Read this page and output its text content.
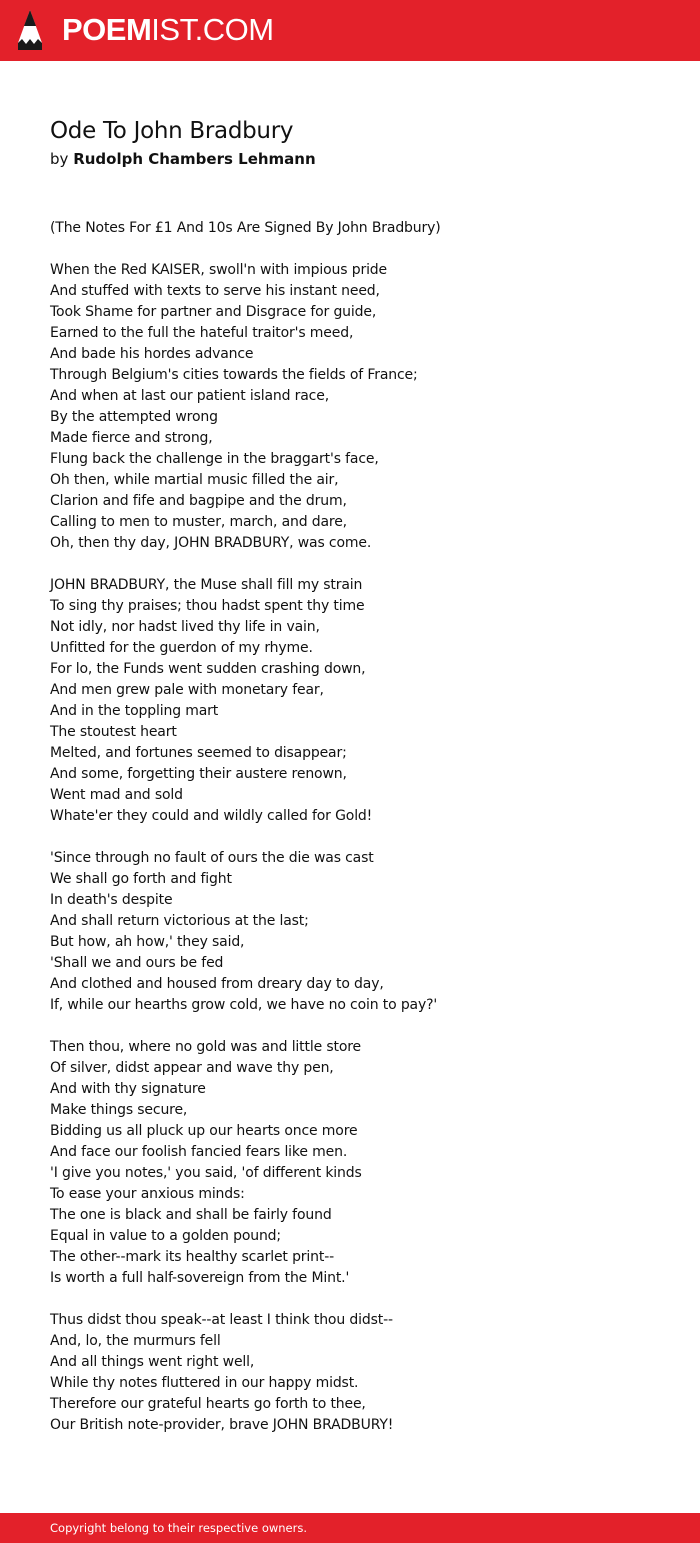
POEMIST.COM
Ode To John Bradbury
by Rudolph Chambers Lehmann
(The Notes For £1 And 10s Are Signed By John Bradbury)
When the Red KAISER, swoll'n with impious pride
And stuffed with texts to serve his instant need,
Took Shame for partner and Disgrace for guide,
Earned to the full the hateful traitor's meed,
And bade his hordes advance
Through Belgium's cities towards the fields of France;
And when at last our patient island race,
By the attempted wrong
Made fierce and strong,
Flung back the challenge in the braggart's face,
Oh then, while martial music filled the air,
Clarion and fife and bagpipe and the drum,
Calling to men to muster, march, and dare,
Oh, then thy day, JOHN BRADBURY, was come.
JOHN BRADBURY, the Muse shall fill my strain
To sing thy praises; thou hadst spent thy time
Not idly, nor hadst lived thy life in vain,
Unfitted for the guerdon of my rhyme.
For lo, the Funds went sudden crashing down,
And men grew pale with monetary fear,
And in the toppling mart
The stoutest heart
Melted, and fortunes seemed to disappear;
And some, forgetting their austere renown,
Went mad and sold
Whate'er they could and wildly called for Gold!
'Since through no fault of ours the die was cast
We shall go forth and fight
In death's despite
And shall return victorious at the last;
But how, ah how,' they said,
'Shall we and ours be fed
And clothed and housed from dreary day to day,
If, while our hearths grow cold, we have no coin to pay?'
Then thou, where no gold was and little store
Of silver, didst appear and wave thy pen,
And with thy signature
Make things secure,
Bidding us all pluck up our hearts once more
And face our foolish fancied fears like men.
'I give you notes,' you said, 'of different kinds
To ease your anxious minds:
The one is black and shall be fairly found
Equal in value to a golden pound;
The other--mark its healthy scarlet print--
Is worth a full half-sovereign from the Mint.'
Thus didst thou speak--at least I think thou didst--
And, lo, the murmurs fell
And all things went right well,
While thy notes fluttered in our happy midst.
Therefore our grateful hearts go forth to thee,
Our British note-provider, brave JOHN BRADBURY!
Copyright belong to their respective owners.
